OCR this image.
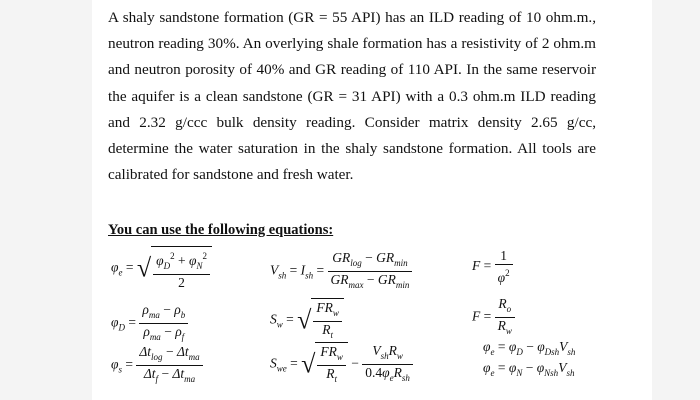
A shaly sandstone formation (GR = 55 API) has an ILD reading of 10 ohm.m.,
neutron reading 30%. An overlying shale formation has a resistivity of 2 ohm.m
and neutron porosity of 40% and GR reading of 110 API. In the same reservoir
the aquifer is a clean sandstone (GR = 31 API) with a 0.3 ohm.m ILD reading
and 2.32 g/ccc bulk density reading. Consider matrix density 2.65 g/cc,
determine the water saturation in the shaly sandstone formation. All tools are
calibrated for sandstone and fresh water.
You can use the following equations:
$\varphi_e$ = √ $\frac{\varphi_D^2 + \varphi_N^2}{2}$
$\varphi_D = \frac{\rho_{ma} - \rho_b}{\rho_{ma} - \rho_f}$
$\varphi_s = \frac{\Delta t_{log} - \Delta t_{ma}}{\Delta t_f - \Delta t_{ma}}$
$V_{sh} = I_{sh} = \frac{GR_{log} - GR_{min}}{GR_{max} - GR_{min}}$
$S_w$ = √ $\frac{FR_w}{R_t}$
$S_{we}$ = √ $\frac{FR_w}{R_t} - \frac{V_{sh}R_w}{0.4\varphi_eR_{sh}}$
$F = \frac{1}{\varphi^2}$
$F = \frac{R_o}{R_w}$
$\varphi_e = \varphi_D - \varphi_{Dsh}V_{sh}$
$\varphi_e = \varphi_N - \varphi_{Nsh}V_{sh}$
